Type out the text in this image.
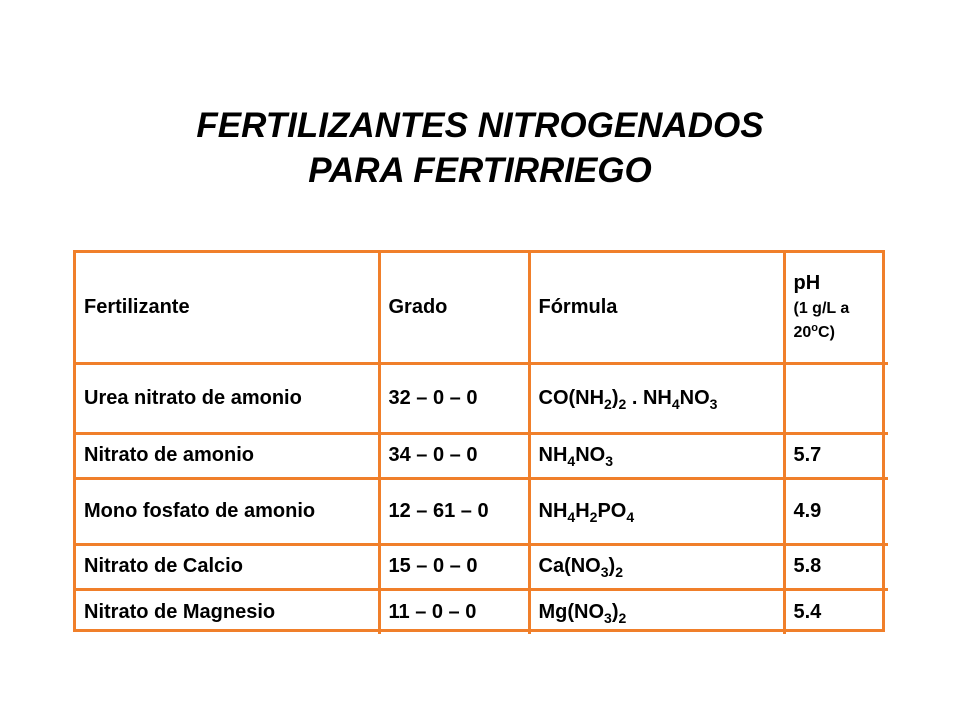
FERTILIZANTES NITROGENADOS
PARA FERTIRRIEGO
Fertilizante	Grado	Fórmula	pH
(1 g/L a 20$^o$C)

Urea nitrato de amonio	32 – 0 – 0	$CO(NH_2)_2$ . $NH_4NO_3$	
Nitrato de amonio	34 – 0 – 0	$NH_4NO_3$	5.7
Mono fosfato de amonio	12 – 61 – 0	$NH_4H_2PO_4$	4.9
Nitrato de Calcio	15 – 0 – 0	$Ca(NO_3)_2$	5.8
Nitrato de Magnesio	11 – 0 – 0	$Mg(NO_3)_2$	5.4
